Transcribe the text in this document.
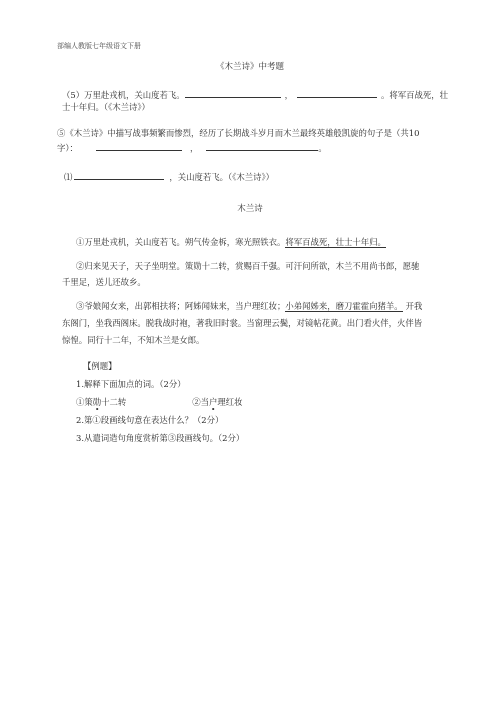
部编人教版七年级语文下册
《木兰诗》中考题
（5）万里赴戎机，关山度若飞。	，	。将军百战死，壮
士十年归。（《木兰诗》）
⑤《木兰诗》中描写战事频繁而惨烈，经历了长期战斗岁月而木兰最终英雄般凯旋的句子是（共10
字）：	，	。
⑴	，关山度若飞。（《木兰诗》）
木兰诗
①万里赴戎机，关山度若飞。朔气传金柝，寒光照铁衣。将军百战死，壮士十年归。
②归来见天子，天子坐明堂。策勋十二转，赏赐百千强。可汗问所欲，木兰不用尚书郎，愿驰
千里足，送儿还故乡。
③爷娘闻女来，出郭相扶将；阿姊闻妹来，当户理红妆；小弟闻姊来，磨刀霍霍向猪羊。 开我
东阁门，坐我西阁床。脱我战时袍，著我旧时裳。当窗理云鬓，对镜帖花黄。出门看火伴，火伴皆
惊惶。同行十二年，不知木兰是女郎。
【例题】
1.解释下面加点的词。（2分）
①策勋十二转	②当户理红妆
2.第①段画线句意在表达什么？（2分）
3.从遣词造句角度赏析第③段画线句。（2分）
